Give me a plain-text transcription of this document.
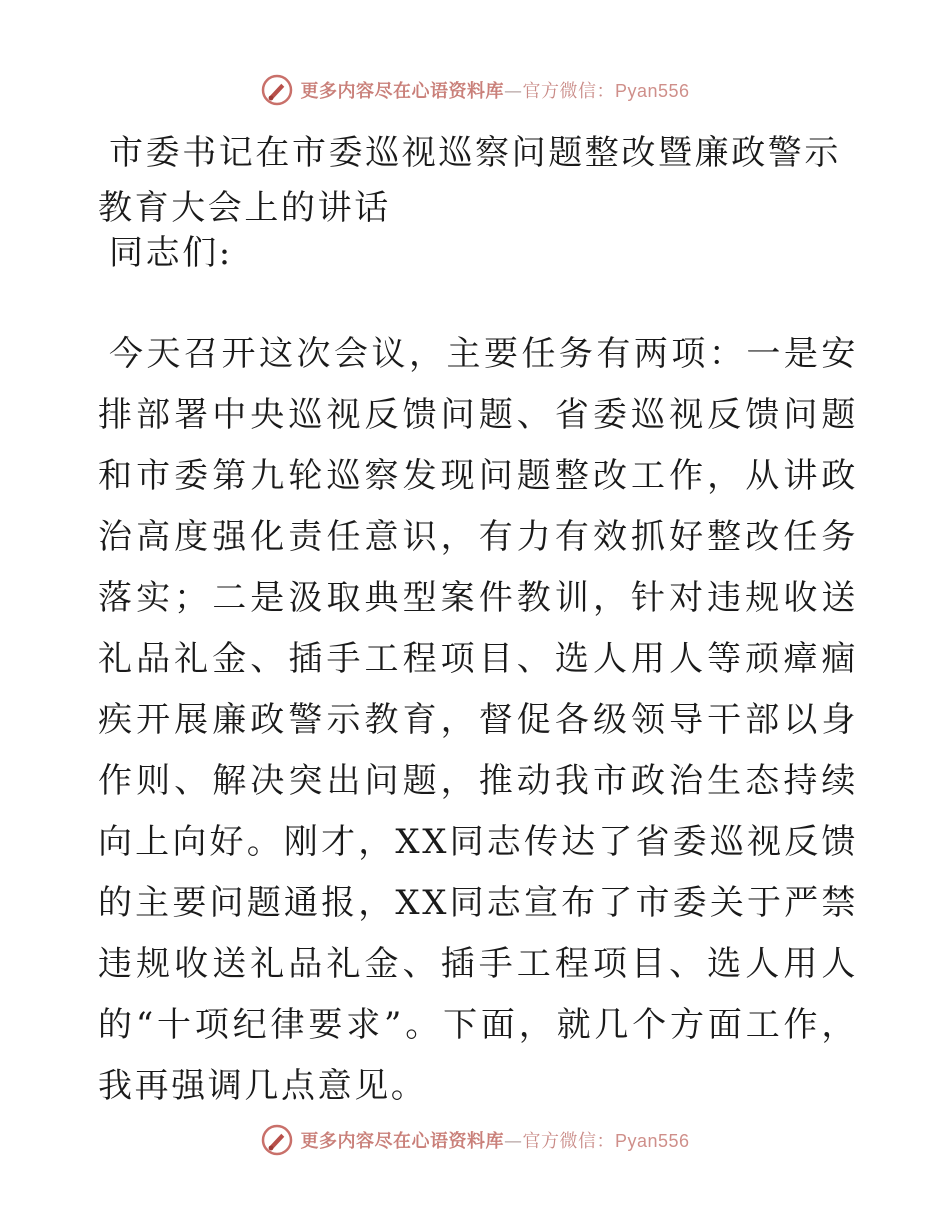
更多内容尽在心语资料库—官方微信：Pyan556
市委书记在市委巡视巡察问题整改暨廉政警示教育大会上的讲话

同志们:

今天召开这次会议，主要任务有两项：一是安排部署中央巡视反馈问题、省委巡视反馈问题和市委第九轮巡察发现问题整改工作，从讲政治高度强化责任意识，有力有效抓好整改任务落实；二是汲取典型案件教训，针对违规收送礼品礼金、插手工程项目、选人用人等顽瘴痼疾开展廉政警示教育，督促各级领导干部以身作则、解决突出问题，推动我市政治生态持续向上向好。刚才，XX同志传达了省委巡视反馈的主要问题通报，XX同志宣布了市委关于严禁违规收送礼品礼金、插手工程项目、选人用人的“十项纪律要求”。下面，就几个方面工作，我再强调几点意见。

更多内容尽在心语资料库—官方微信：Pyan556
